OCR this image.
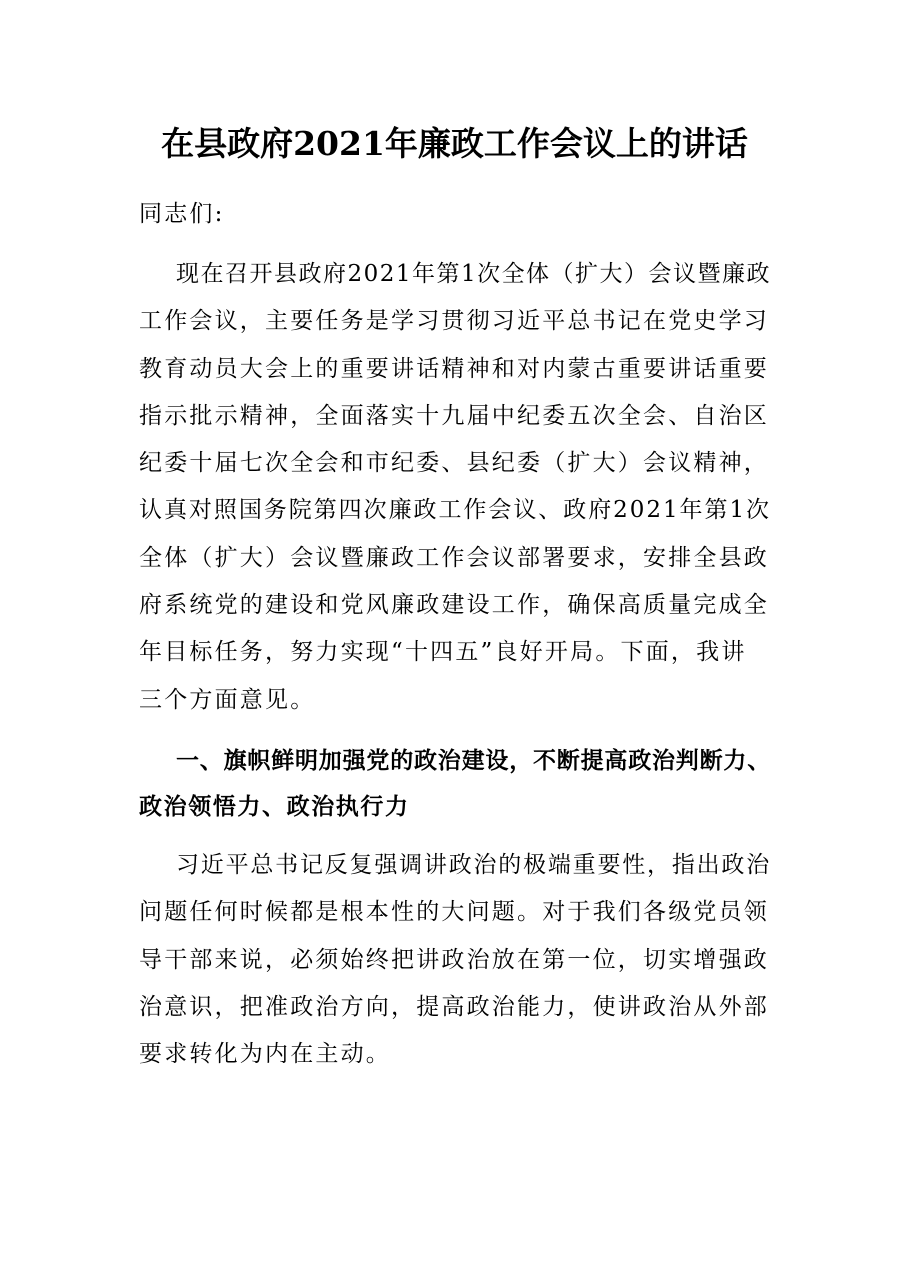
在县政府2021年廉政工作会议上的讲话

同志们:

现在召开县政府2021年第1次全体（扩大）会议暨廉政
工作会议，主要任务是学习贯彻习近平总书记在党史学习
教育动员大会上的重要讲话精神和对内蒙古重要讲话重要
指示批示精神，全面落实十九届中纪委五次全会、自治区
纪委十届七次全会和市纪委、县纪委（扩大）会议精神，
认真对照国务院第四次廉政工作会议、政府2021年第1次
全体（扩大）会议暨廉政工作会议部署要求，安排全县政
府系统党的建设和党风廉政建设工作，确保高质量完成全
年目标任务，努力实现“十四五”良好开局。下面，我讲
三个方面意见。
一、旗帜鲜明加强党的政治建设，不断提高政治判断力、
政治领悟力、政治执行力
习近平总书记反复强调讲政治的极端重要性，指出政治
问题任何时候都是根本性的大问题。对于我们各级党员领
导干部来说，必须始终把讲政治放在第一位，切实增强政
治意识，把准政治方向，提高政治能力，使讲政治从外部
要求转化为内在主动。
